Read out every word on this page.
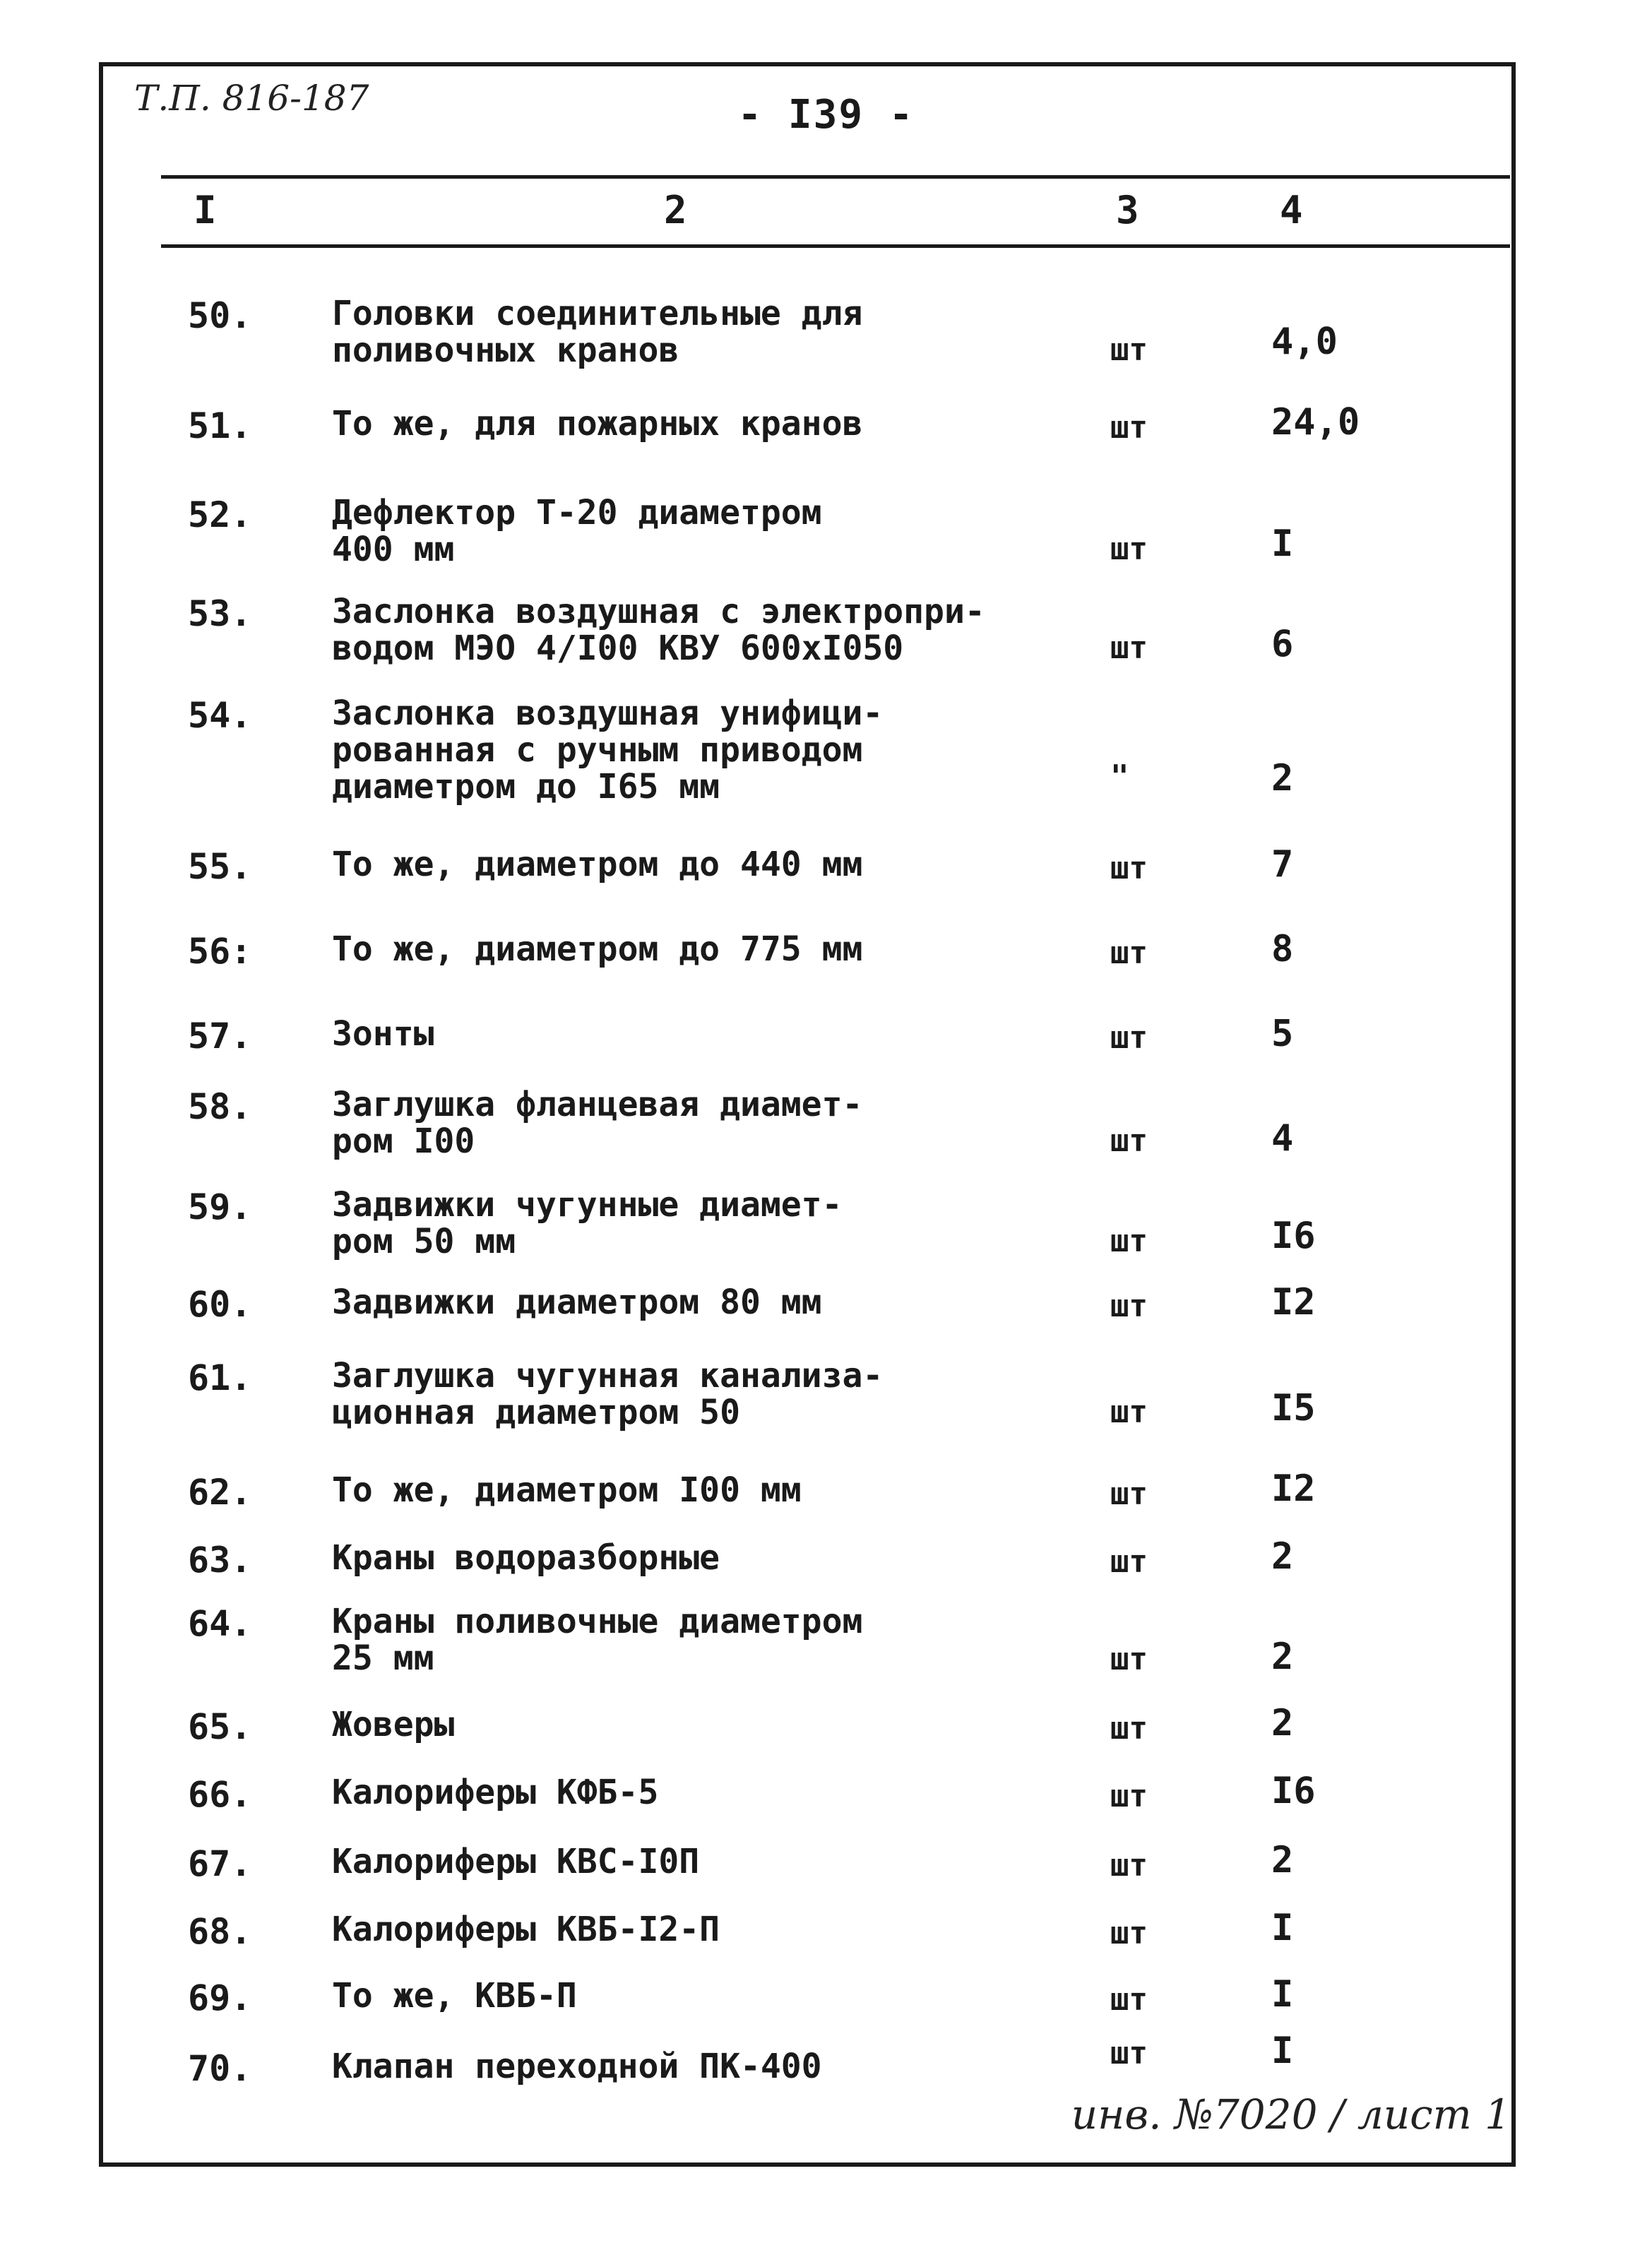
Т.П. 816-187	- I39 -
I	2	3	4
50. Головки соединительные для
поливочных кранов	шт	4,0
51. То же, для пожарных кранов	шт	24,0
52. Дефлектор Т-20 диаметром
400 мм	шт	I
53. Заслонка воздушная с электропри-
водом МЭО 4/I00 КВУ 600хI050	шт	6
54. Заслонка воздушная унифици-
рованная с ручным приводом
диаметром до I65 мм	"	2
55. То же, диаметром до 440 мм	шт	7
56: То же, диаметром до 775 мм	шт	8
57. Зонты	шт	5
58. Заглушка фланцевая диамет-
ром I00	шт	4
59. Задвижки чугунные диамет-
ром 50 мм	шт	I6
60. Задвижки диаметром 80 мм	шт	I2
61. Заглушка чугунная канализа-
ционная диаметром 50	шт	I5
62. То же, диаметром I00 мм	шт	I2
63. Краны водоразборные	шт	2
64. Краны поливочные диаметром
25 мм	шт	2
65. Жоверы	шт	2
66. Калориферы КФБ-5	шт	I6
67. Калориферы КВС-I0П	шт	2
68. Калориферы КВБ-I2-П	шт	I
69. То же, КВБ-П	шт	I
70. Клапан переходной ПК-400	шт	I
инв. №7020 / лист 1
